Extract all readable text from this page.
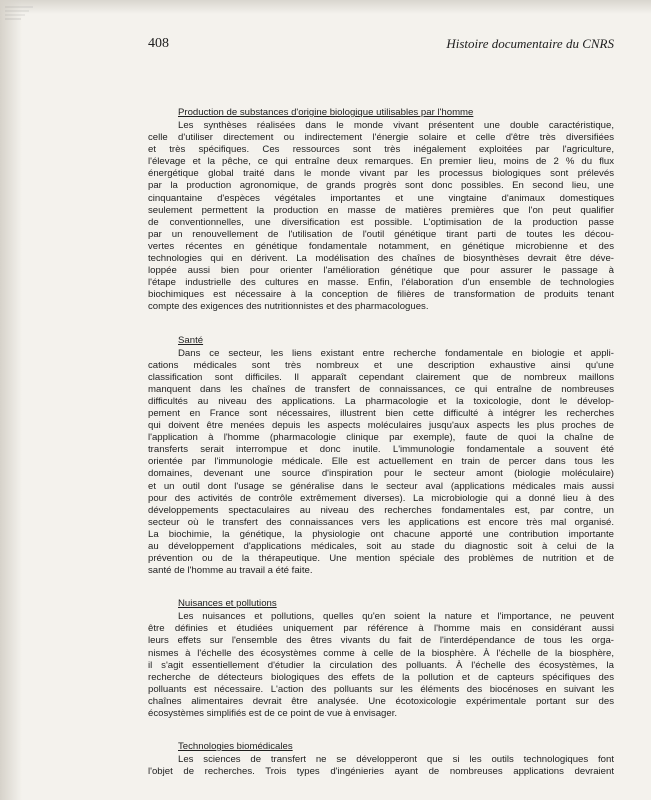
408	Histoire documentaire du CNRS
Production de substances d'origine biologique utilisables par l'homme
Les synthèses réalisées dans le monde vivant présentent une double caractéristique,
celle d'utiliser directement ou indirectement l'énergie solaire et celle d'être très diversifiées
et très spécifiques. Ces ressources sont très inégalement exploitées par l'agriculture,
l'élevage et la pêche, ce qui entraîne deux remarques. En premier lieu, moins de 2 % du flux
énergétique global traité dans le monde vivant par les processus biologiques sont prélevés
par la production agronomique, de grands progrès sont donc possibles. En second lieu, une
cinquantaine d'espèces végétales importantes et une vingtaine d'animaux domestiques
seulement permettent la production en masse de matières premières que l'on peut qualifier
de conventionnelles, une diversification est possible. L'optimisation de la production passe
par un renouvellement de l'utilisation de l'outil génétique tirant parti de toutes les décou-
vertes récentes en génétique fondamentale notamment, en génétique microbienne et des
technologies qui en dérivent. La modélisation des chaînes de biosynthèses devrait être déve-
loppée aussi bien pour orienter l'amélioration génétique que pour assurer le passage à
l'étape industrielle des cultures en masse. Enfin, l'élaboration d'un ensemble de technologies
biochimiques est nécessaire à la conception de filières de transformation de produits tenant
compte des exigences des nutritionnistes et des pharmacologues.
Santé
Dans ce secteur, les liens existant entre recherche fondamentale en biologie et appli-
cations médicales sont très nombreux et une description exhaustive ainsi qu'une
classification sont difficiles. Il apparaît cependant clairement que de nombreux maillons
manquent dans les chaînes de transfert de connaissances, ce qui entraîne de nombreuses
difficultés au niveau des applications. La pharmacologie et la toxicologie, dont le dévelop-
pement en France sont nécessaires, illustrent bien cette difficulté à intégrer les recherches
qui doivent être menées depuis les aspects moléculaires jusqu'aux aspects les plus proches de
l'application à l'homme (pharmacologie clinique par exemple), faute de quoi la chaîne de
transferts serait interrompue et donc inutile. L'immunologie fondamentale a souvent été
orientée par l'immunologie médicale. Elle est actuellement en train de percer dans tous les
domaines, devenant une source d'inspiration pour le secteur amont (biologie moléculaire)
et un outil dont l'usage se généralise dans le secteur aval (applications médicales mais aussi
pour des activités de contrôle extrêmement diverses). La microbiologie qui a donné lieu à des
développements spectaculaires au niveau des recherches fondamentales est, par contre, un
secteur où le transfert des connaissances vers les applications est encore très mal organisé.
La biochimie, la génétique, la physiologie ont chacune apporté une contribution importante
au développement d'applications médicales, soit au stade du diagnostic soit à celui de la
prévention ou de la thérapeutique. Une mention spéciale des problèmes de nutrition et de
santé de l'homme au travail a été faite.
Nuisances et pollutions
Les nuisances et pollutions, quelles qu'en soient la nature et l'importance, ne peuvent
être définies et étudiées uniquement par référence à l'homme mais en considérant aussi
leurs effets sur l'ensemble des êtres vivants du fait de l'interdépendance de tous les orga-
nismes à l'échelle des écosystèmes comme à celle de la biosphère. À l'échelle de la biosphère,
il s'agit essentiellement d'étudier la circulation des polluants. À l'échelle des écosystèmes, la
recherche de détecteurs biologiques des effets de la pollution et de capteurs spécifiques des
polluants est nécessaire. L'action des polluants sur les éléments des biocénoses en suivant les
chaînes alimentaires devrait être analysée. Une écotoxicologie expérimentale portant sur des
écosystèmes simplifiés est de ce point de vue à envisager.
Technologies biomédicales
Les sciences de transfert ne se développeront que si les outils technologiques font
l'objet de recherches. Trois types d'ingénieries ayant de nombreuses applications devraient
